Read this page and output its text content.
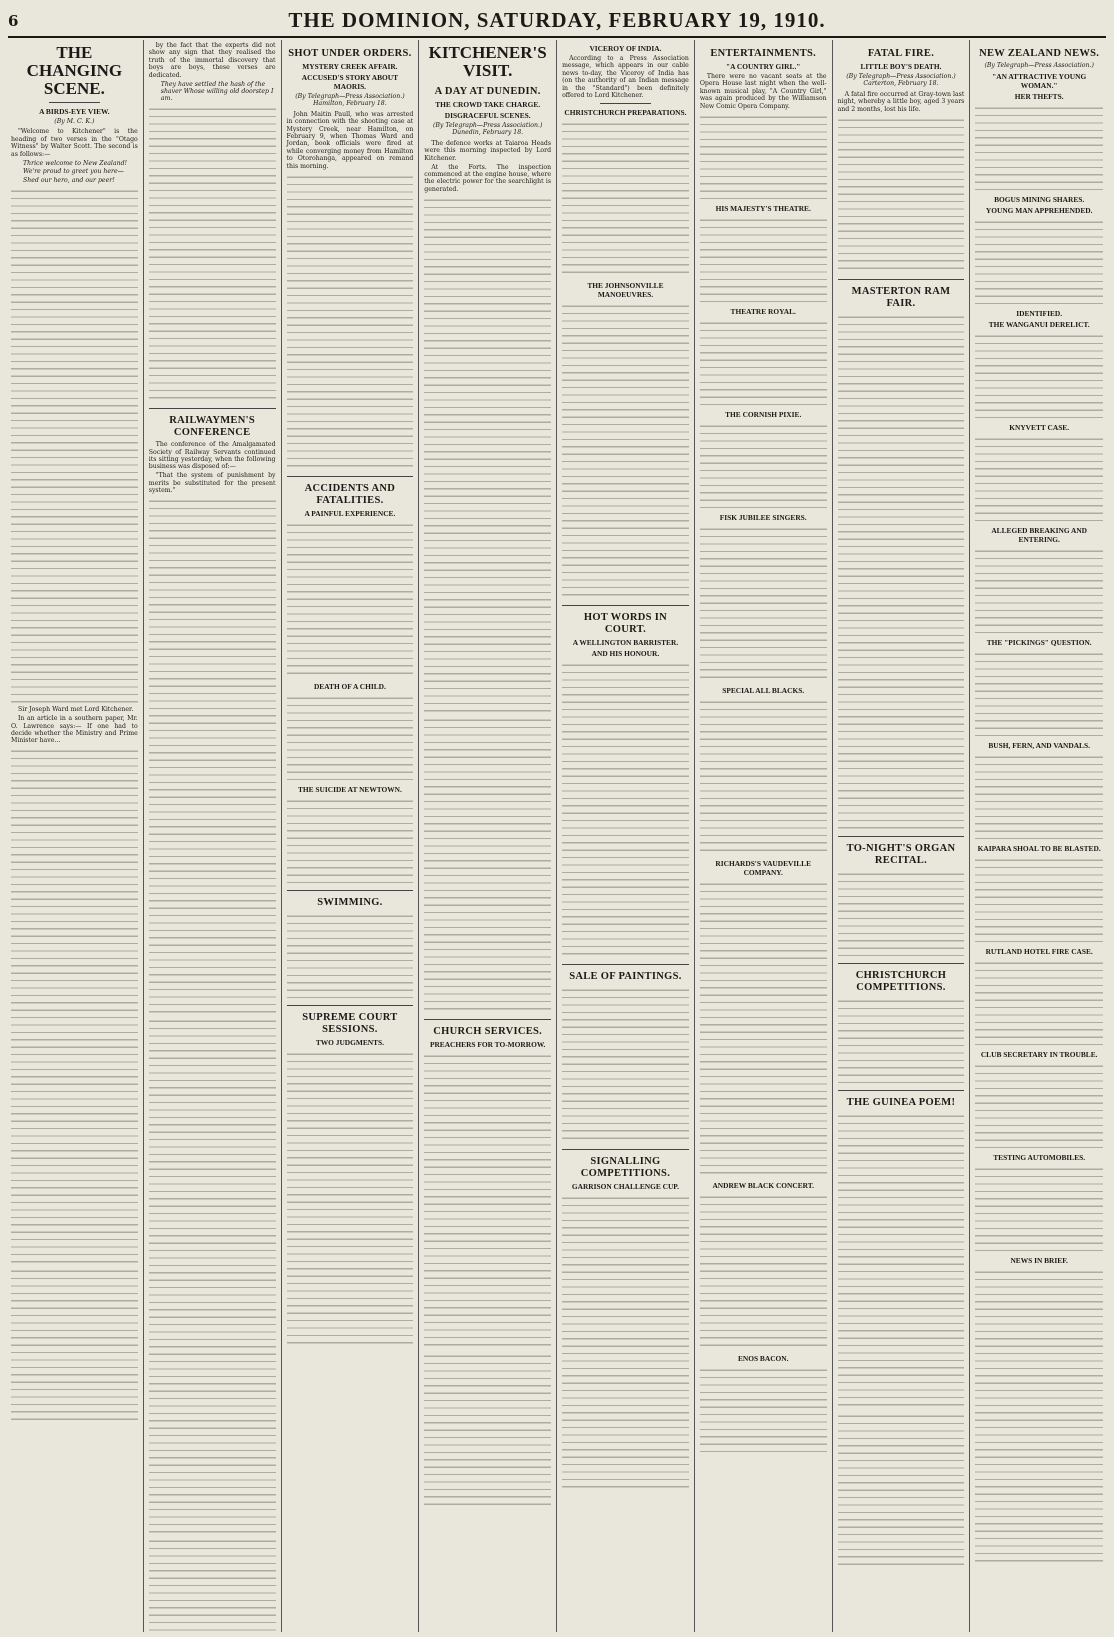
6	THE DOMINION, SATURDAY, FEBRUARY 19, 1910.
THE CHANGING SCENE.
A BIRDS-EYE VIEW.
(By M. C. K.)

"Welcome to Kitchener" is the heading of two verses in the "Otago Witness" by Walter Scott. The second is as follows:—

Thrice welcome to New Zealand!

We're proud to greet you here—

Shed our hero, and our peer!

Sir Joseph Ward met Lord Kitchener.

In an article in a southern paper, Mr. O. Lawrence says:— If one had to decide whether the Ministry and Prime Minister have...

by the fact that the experts did not show any sign that they realised the truth of the immortal discovery that boys are boys, these verses are dedicated.

They have settled the hash of the shaver Whose willing old doorstep I am.

RAILWAYMEN'S CONFERENCE

The conference of the Amalgamated Society of Railway Servants continued its sitting yesterday, when the following business was disposed of:—

"That the system of punishment by merits be substituted for the present system."

SHOT UNDER ORDERS.
MYSTERY CREEK AFFAIR.
ACCUSED'S STORY ABOUT MAORIS.
(By Telegraph—Press Association.) Hamilton, February 18.

John Maitin Paull, who was arrested in connection with the shooting case at Mystery Creek, near Hamilton, on February 9, when Thomas Ward and Jordan, book officials were fired at while converging money from Hamilton to Otorohanga, appeared on remand this morning.

ACCIDENTS AND FATALITIES.
A PAINFUL EXPERIENCE.
DEATH OF A CHILD.
THE SUICIDE AT NEWTOWN.
SWIMMING.
SUPREME COURT SESSIONS.
TWO JUDGMENTS.
KITCHENER'S VISIT.
A DAY AT DUNEDIN.
THE CROWD TAKE CHARGE.
DISGRACEFUL SCENES.
(By Telegraph—Press Association.) Dunedin, February 18.

The defence works at Taiaroa Heads were this morning inspected by Lord Kitchener.

At the Forts. The inspection commenced at the engine house, where the electric power for the searchlight is generated.

CHURCH SERVICES.
PREACHERS FOR TO-MORROW.
VICEROY OF INDIA.

According to a Press Association message, which appears in our cable news to-day, the Viceroy of India has (on the authority of an Indian message in the "Standard") been definitely offered to Lord Kitchener.

CHRISTCHURCH PREPARATIONS.
THE JOHNSONVILLE MANOEUVRES.
HOT WORDS IN COURT.
A WELLINGTON BARRISTER.
AND HIS HONOUR.
SALE OF PAINTINGS.
SIGNALLING COMPETITIONS.
GARRISON CHALLENGE CUP.
ENTERTAINMENTS.
"A COUNTRY GIRL."

There were no vacant seats at the Opera House last night when the well-known musical play, "A Country Girl," was again produced by the Williamson New Comic Opera Company.

HIS MAJESTY'S THEATRE.
THEATRE ROYAL.
THE CORNISH PIXIE.
FISK JUBILEE SINGERS.
SPECIAL ALL BLACKS.
RICHARDS'S VAUDEVILLE COMPANY.
ANDREW BLACK CONCERT.
ENOS BACON.
FATAL FIRE.
LITTLE BOY'S DEATH.
(By Telegraph—Press Association.) Carterton, February 18.

A fatal fire occurred at Gray-town last night, whereby a little boy, aged 3 years and 2 months, lost his life.

MASTERTON RAM FAIR.
TO-NIGHT'S ORGAN RECITAL.
CHRISTCHURCH COMPETITIONS.
THE GUINEA POEM!
NEW ZEALAND NEWS.
(By Telegraph—Press Association.)
"AN ATTRACTIVE YOUNG WOMAN."
HER THEFTS.
BOGUS MINING SHARES.
YOUNG MAN APPREHENDED.
IDENTIFIED.
THE WANGANUI DERELICT.
KNYVETT CASE.
ALLEGED BREAKING AND ENTERING.
THE "PICKINGS" QUESTION.
BUSH, FERN, AND VANDALS.
KAIPARA SHOAL TO BE BLASTED.
RUTLAND HOTEL FIRE CASE.
CLUB SECRETARY IN TROUBLE.
TESTING AUTOMOBILES.
NEWS IN BRIEF.
